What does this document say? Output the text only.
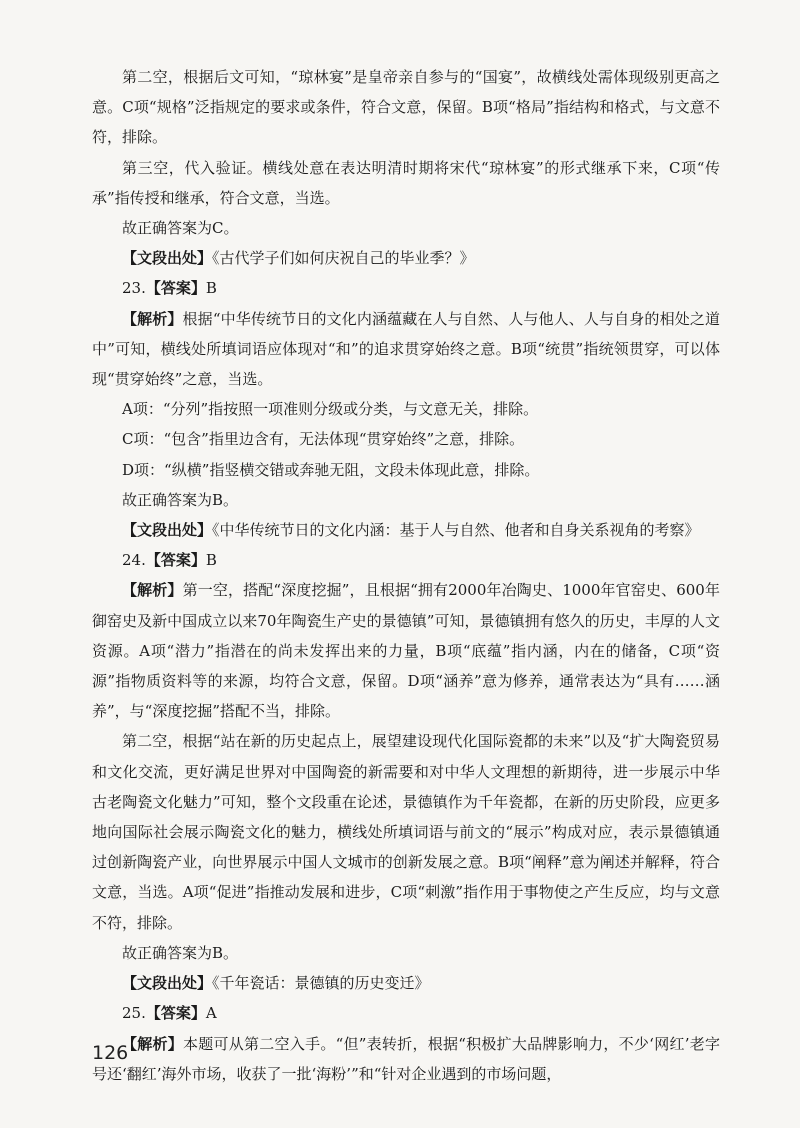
第二空，根据后文可知，“琼林宴”是皇帝亲自参与的“国宴”，故横线处需体现级别更高之意。C项“规格”泛指规定的要求或条件，符合文意，保留。B项“格局”指结构和格式，与文意不符，排除。

第三空，代入验证。横线处意在表达明清时期将宋代“琼林宴”的形式继承下来，C项“传承”指传授和继承，符合文意，当选。

故正确答案为C。

【文段出处】《古代学子们如何庆祝自己的毕业季？》

23.【答案】B

【解析】根据“中华传统节日的文化内涵蕴藏在人与自然、人与他人、人与自身的相处之道中”可知，横线处所填词语应体现对“和”的追求贯穿始终之意。B项“统贯”指统领贯穿，可以体现“贯穿始终”之意，当选。

A项：“分列”指按照一项准则分级或分类，与文意无关，排除。

C项：“包含”指里边含有，无法体现“贯穿始终”之意，排除。

D项：“纵横”指竖横交错或奔驰无阻，文段未体现此意，排除。

故正确答案为B。

【文段出处】《中华传统节日的文化内涵：基于人与自然、他者和自身关系视角的考察》

24.【答案】B

【解析】第一空，搭配“深度挖掘”，且根据“拥有2000年冶陶史、1000年官窑史、600年御窑史及新中国成立以来70年陶瓷生产史的景德镇”可知，景德镇拥有悠久的历史，丰厚的人文资源。A项“潜力”指潜在的尚未发挥出来的力量，B项“底蕴”指内涵，内在的储备，C项“资源”指物质资料等的来源，均符合文意，保留。D项“涵养”意为修养，通常表达为“具有……涵养”，与“深度挖掘”搭配不当，排除。

第二空，根据“站在新的历史起点上，展望建设现代化国际瓷都的未来”以及“扩大陶瓷贸易和文化交流，更好满足世界对中国陶瓷的新需要和对中华人文理想的新期待，进一步展示中华古老陶瓷文化魅力”可知，整个文段重在论述，景德镇作为千年瓷都，在新的历史阶段，应更多地向国际社会展示陶瓷文化的魅力，横线处所填词语与前文的“展示”构成对应，表示景德镇通过创新陶瓷产业，向世界展示中国人文城市的创新发展之意。B项“阐释”意为阐述并解释，符合文意，当选。A项“促进”指推动发展和进步，C项“刺激”指作用于事物使之产生反应，均与文意不符，排除。

故正确答案为B。

【文段出处】《千年瓷话：景德镇的历史变迁》

25.【答案】A

【解析】本题可从第二空入手。“但”表转折，根据“积极扩大品牌影响力，不少‘网红’老字号还‘翻红’海外市场，收获了一批‘海粉’”和“针对企业遇到的市场问题，

126
